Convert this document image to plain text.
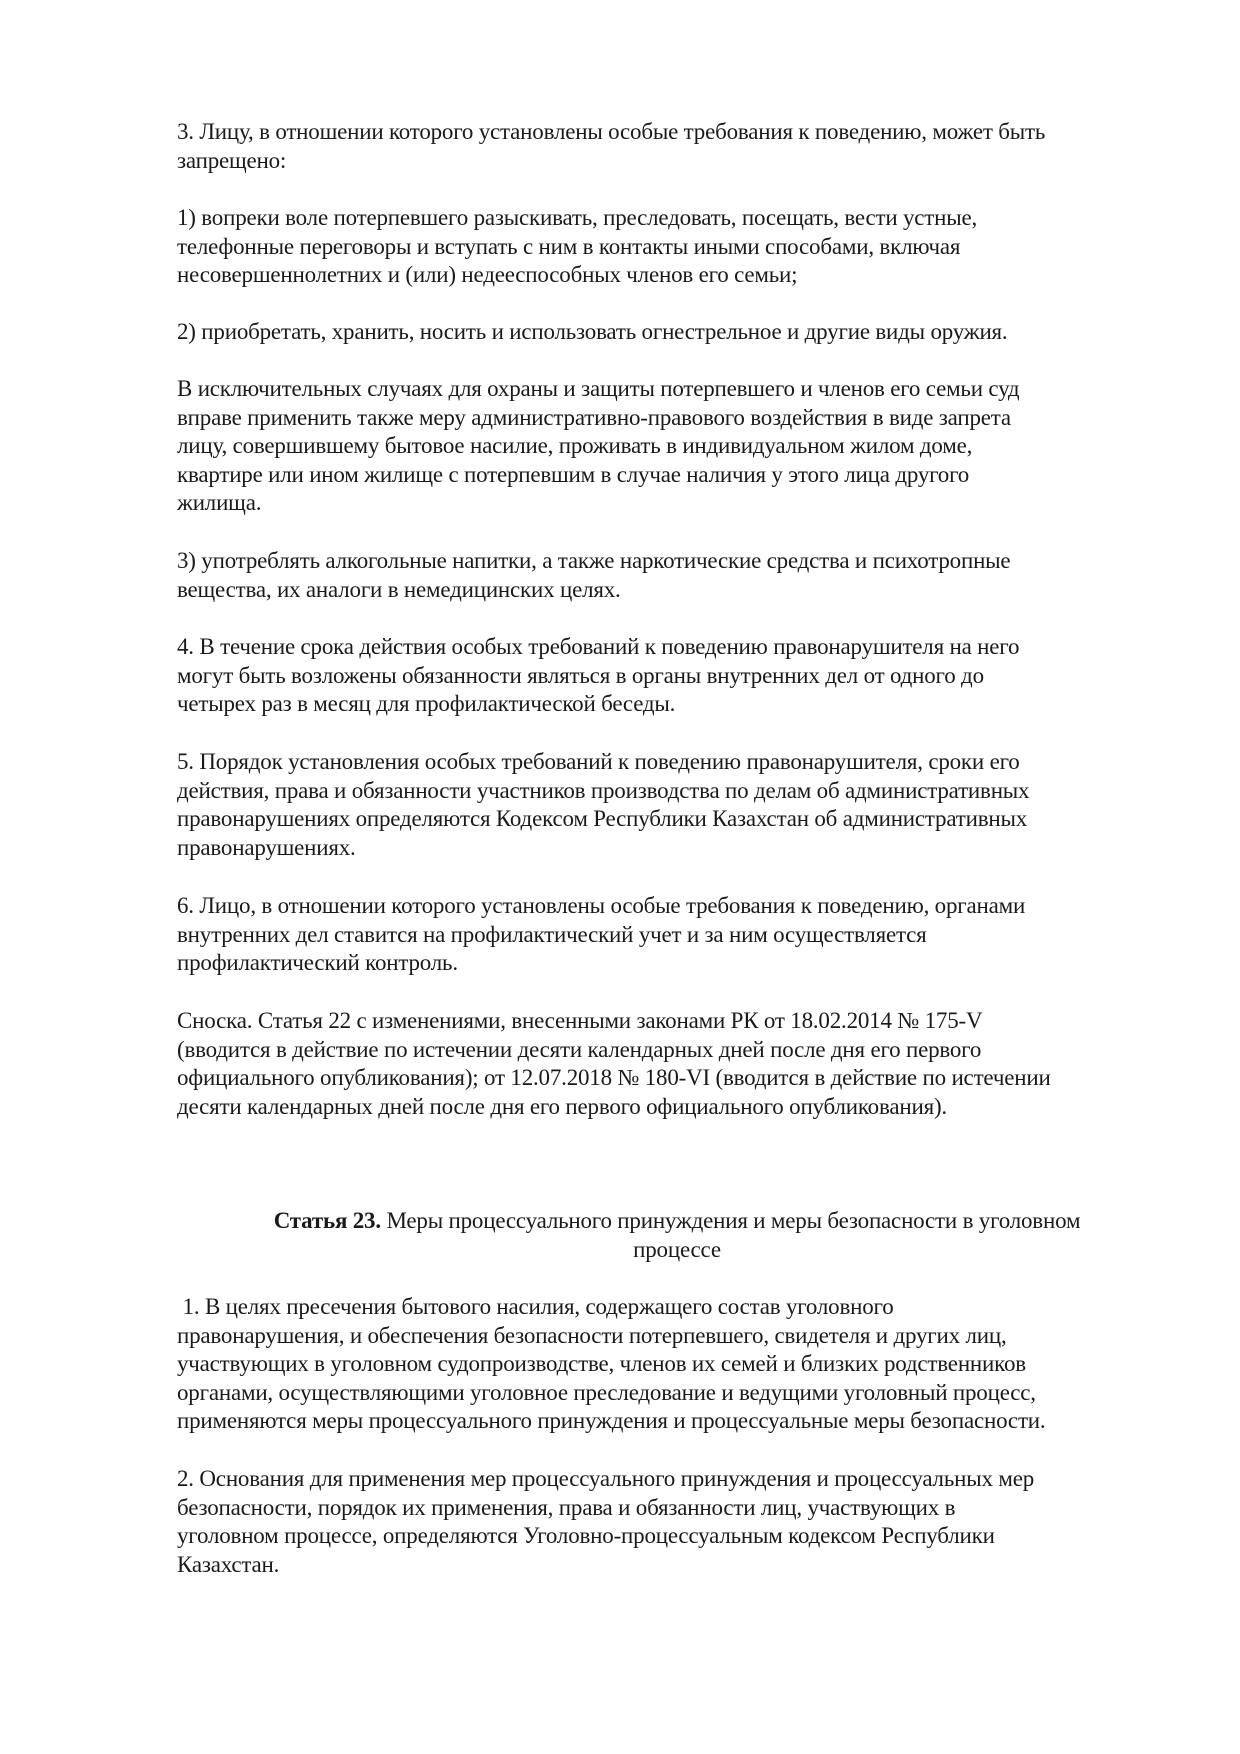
3. Лицу, в отношении которого установлены особые требования к поведению, может быть
запрещено:
1) вопреки воле потерпевшего разыскивать, преследовать, посещать, вести устные,
телефонные переговоры и вступать с ним в контакты иными способами, включая
несовершеннолетних и (или) недееспособных членов его семьи;
2) приобретать, хранить, носить и использовать огнестрельное и другие виды оружия.
В исключительных случаях для охраны и защиты потерпевшего и членов его семьи суд
вправе применить также меру административно-правового воздействия в виде запрета
лицу, совершившему бытовое насилие, проживать в индивидуальном жилом доме,
квартире или ином жилище с потерпевшим в случае наличия у этого лица другого
жилища.
3) употреблять алкогольные напитки, а также наркотические средства и психотропные
вещества, их аналоги в немедицинских целях.
4. В течение срока действия особых требований к поведению правонарушителя на него
могут быть возложены обязанности являться в органы внутренних дел от одного до
четырех раз в месяц для профилактической беседы.
5. Порядок установления особых требований к поведению правонарушителя, сроки его
действия, права и обязанности участников производства по делам об административных
правонарушениях определяются Кодексом Республики Казахстан об административных
правонарушениях.
6. Лицо, в отношении которого установлены особые требования к поведению, органами
внутренних дел ставится на профилактический учет и за ним осуществляется
профилактический контроль.
Сноска. Статья 22 с изменениями, внесенными законами РК от 18.02.2014 № 175-V
(вводится в действие по истечении десяти календарных дней после дня его первого
официального опубликования); от 12.07.2018 № 180-VI (вводится в действие по истечении
десяти календарных дней после дня его первого официального опубликования).
Статья 23. Меры процессуального принуждения и меры безопасности в уголовном
процессе
1. В целях пресечения бытового насилия, содержащего состав уголовного
правонарушения, и обеспечения безопасности потерпевшего, свидетеля и других лиц,
участвующих в уголовном судопроизводстве, членов их семей и близких родственников
органами, осуществляющими уголовное преследование и ведущими уголовный процесс,
применяются меры процессуального принуждения и процессуальные меры безопасности.
2. Основания для применения мер процессуального принуждения и процессуальных мер
безопасности, порядок их применения, права и обязанности лиц, участвующих в
уголовном процессе, определяются Уголовно-процессуальным кодексом Республики
Казахстан.
